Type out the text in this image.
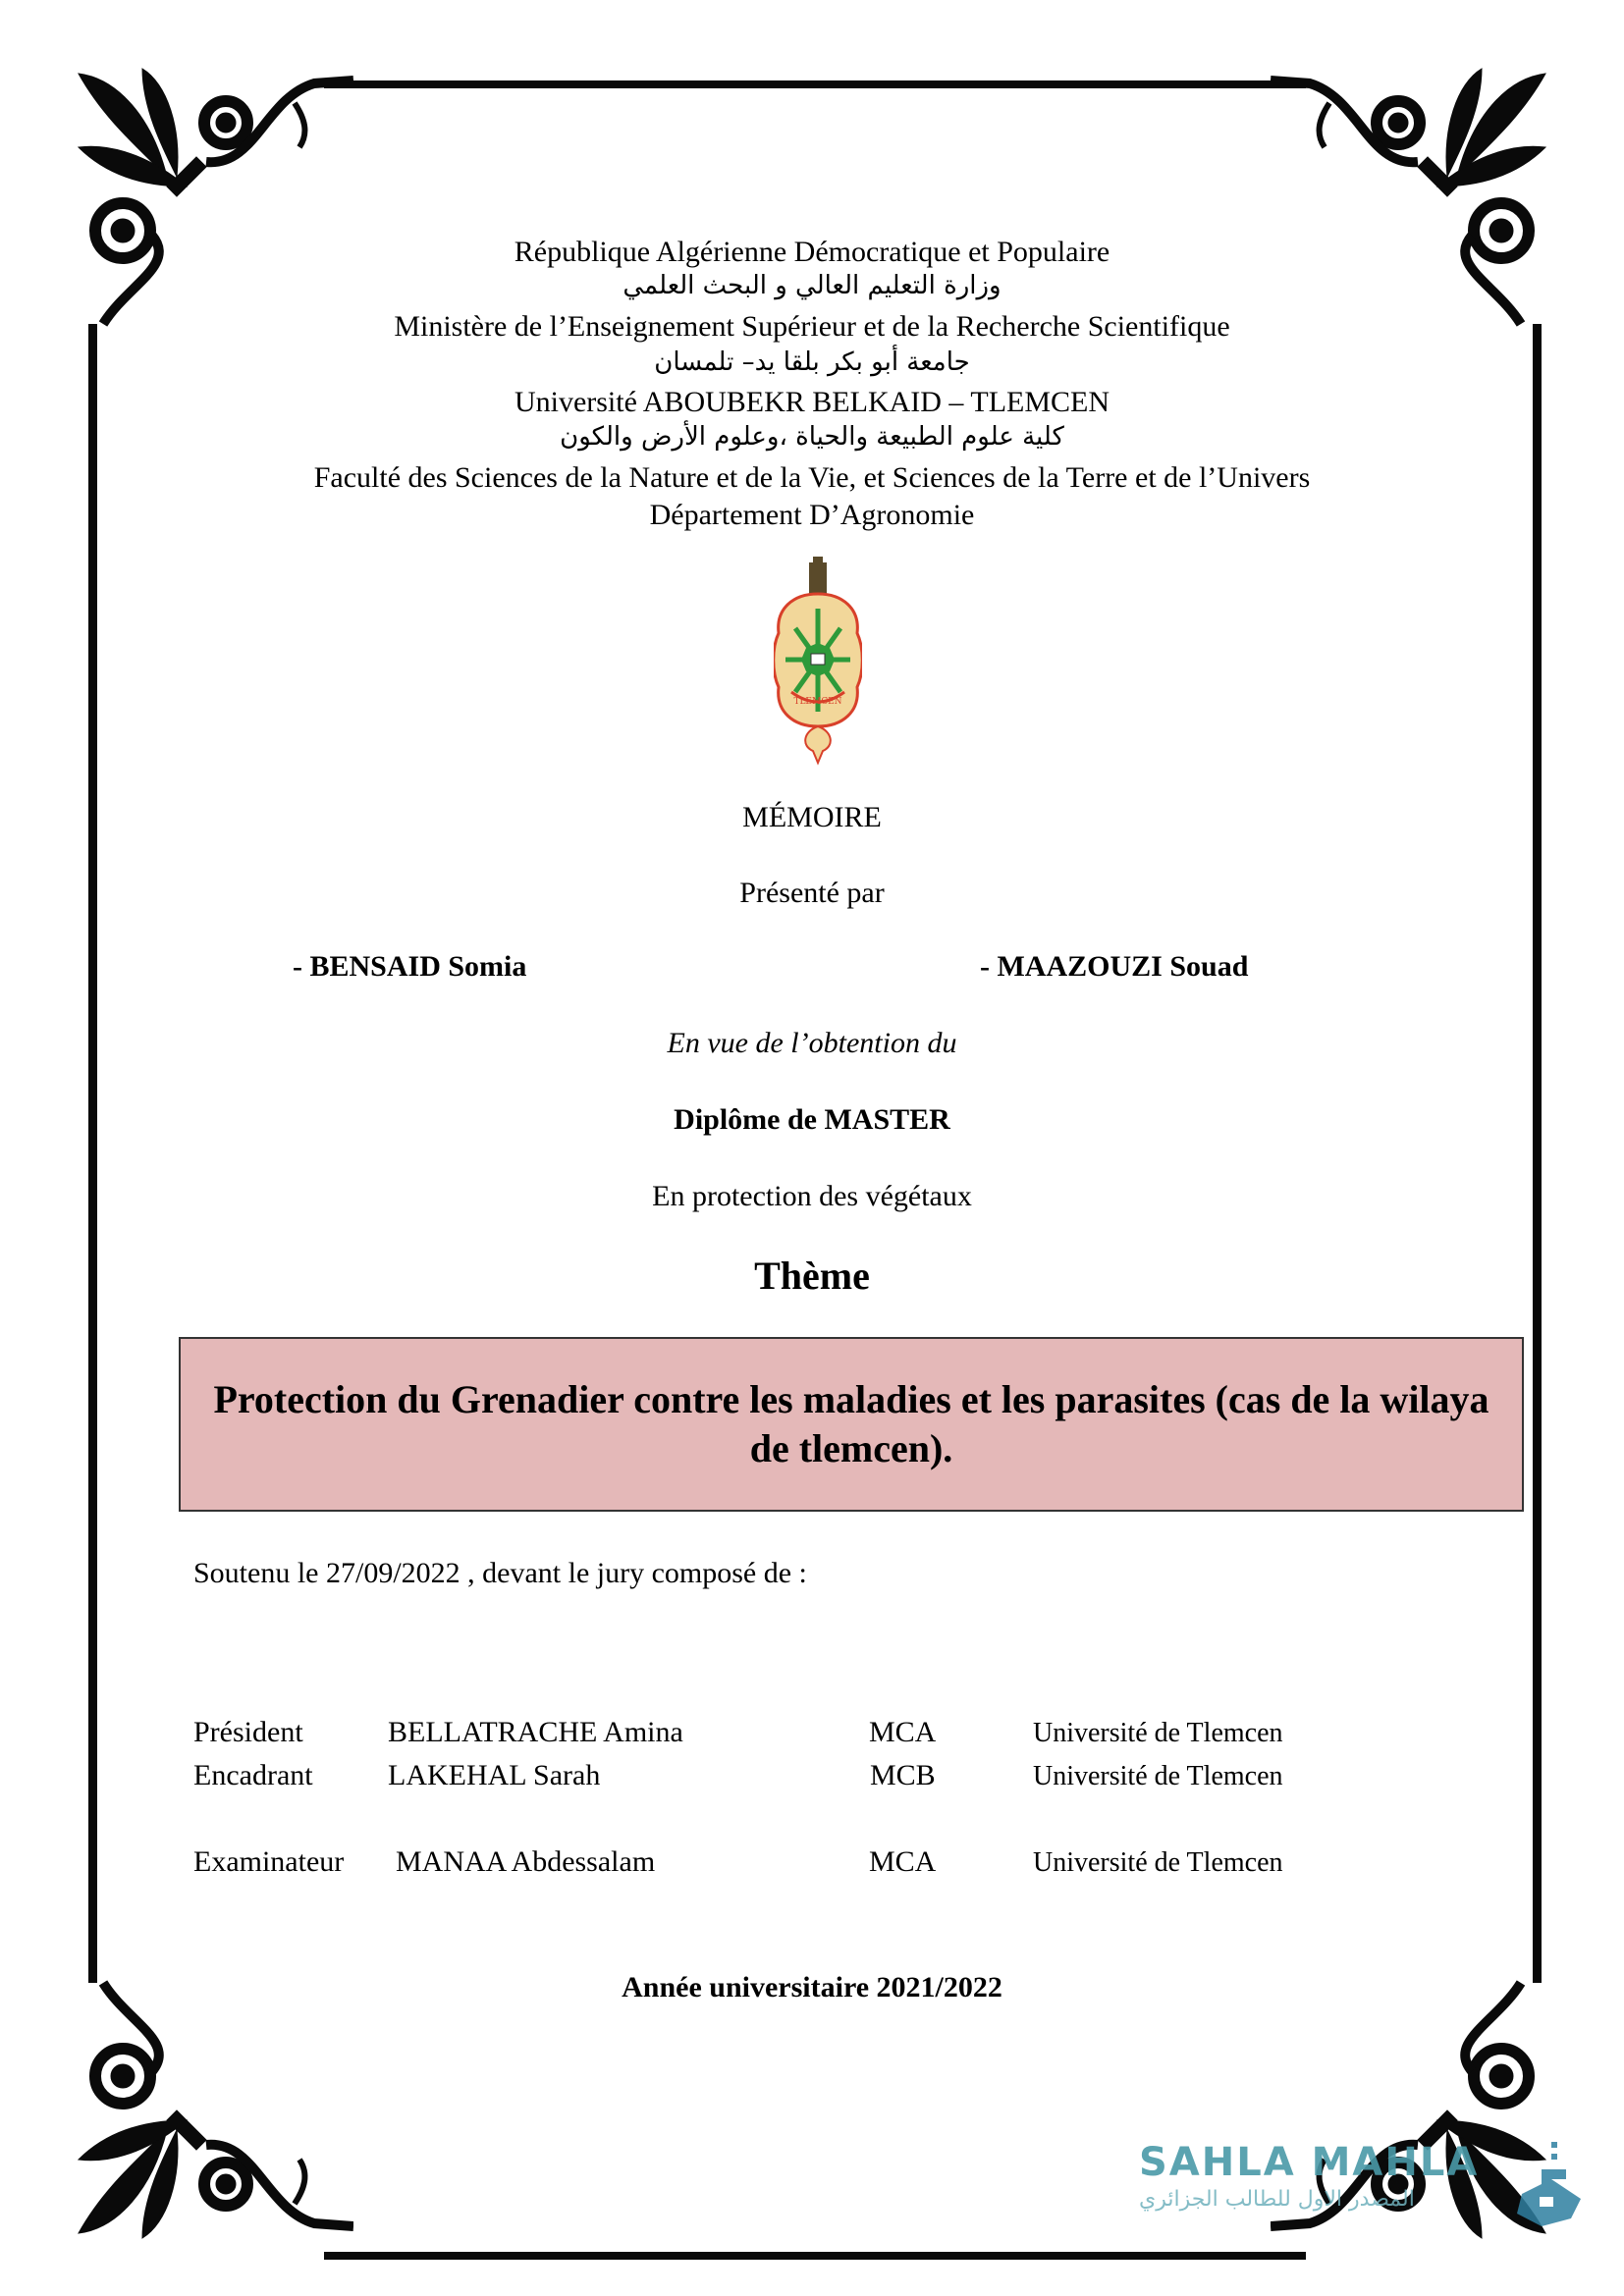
République Algérienne Démocratique et Populaire
وزارة التعليم العالي و البحث العلمي
Ministère de l’Enseignement Supérieur et de la Recherche Scientifique
جامعة أبو بكر بلقا يد– تلمسان
Université ABOUBEKR BELKAID – TLEMCEN
كلية علوم الطبيعة والحياة ،وعلوم الأرض والكون
Faculté des Sciences de la Nature et de la Vie, et Sciences de la Terre et de l’Univers
Département D’Agronomie
TLEMCEN
MÉMOIRE
Présenté par
- BENSAID Somia	- MAAZOUZI Souad
En vue de l’obtention du
Diplôme de MASTER
En protection des végétaux
Thème
Protection du Grenadier contre les maladies et les parasites (cas de la wilaya de tlemcen).
Soutenu le 27/09/2022 , devant le jury composé de :
Président	BELLATRACHE Amina	MCA	Université de Tlemcen
Encadrant	LAKEHAL Sarah	MCB	Université de Tlemcen
Examinateur MANAA Abdessalam	MCA	Université de Tlemcen
Année universitaire 2021/2022
SAHLA MAHLA
المصدر الاول للطالب الجزائري
